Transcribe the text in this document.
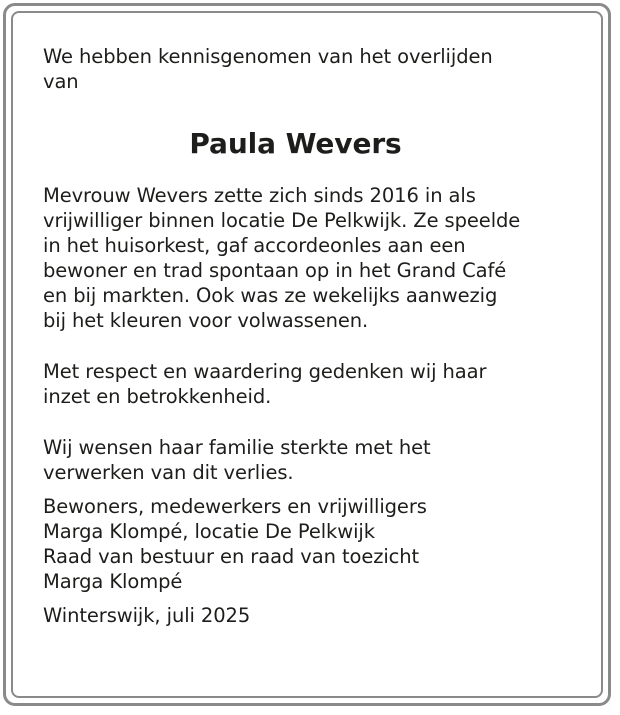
We hebben kennisgenomen van het overlijden
van

Paula Wevers

Mevrouw Wevers zette zich sinds 2016 in als
vrijwilliger binnen locatie De Pelkwijk. Ze speelde
in het huisorkest, gaf accordeonles aan een
bewoner en trad spontaan op in het Grand Café
en bij markten. Ook was ze wekelijks aanwezig
bij het kleuren voor volwassenen.

Met respect en waardering gedenken wij haar
inzet en betrokkenheid.

Wij wensen haar familie sterkte met het
verwerken van dit verlies.

Bewoners, medewerkers en vrijwilligers
Marga Klompé, locatie De Pelkwijk
Raad van bestuur en raad van toezicht
Marga Klompé

Winterswijk, juli 2025
